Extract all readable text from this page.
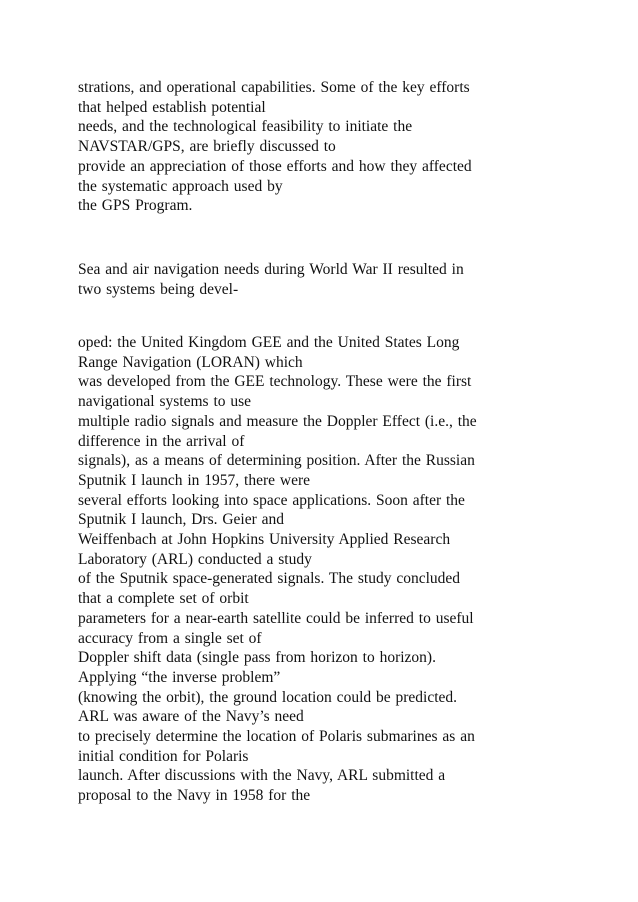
strations, and operational capabilities. Some of the key efforts
that helped establish potential
needs, and the technological feasibility to initiate the
NAVSTAR/GPS, are briefly discussed to
provide an appreciation of those efforts and how they affected
the systematic approach used by
the GPS Program.
Sea and air navigation needs during World War II resulted in
two systems being devel-
oped: the United Kingdom GEE and the United States Long
Range Navigation (LORAN) which
was developed from the GEE technology. These were the first
navigational systems to use
multiple radio signals and measure the Doppler Effect (i.e., the
difference in the arrival of
signals), as a means of determining position. After the Russian
Sputnik I launch in 1957, there were
several efforts looking into space applications. Soon after the
Sputnik I launch, Drs. Geier and
Weiffenbach at John Hopkins University Applied Research
Laboratory (ARL) conducted a study
of the Sputnik space-generated signals. The study concluded
that a complete set of orbit
parameters for a near-earth satellite could be inferred to useful
accuracy from a single set of
Doppler shift data (single pass from horizon to horizon).
Applying “the inverse problem”
(knowing the orbit), the ground location could be predicted.
ARL was aware of the Navy’s need
to precisely determine the location of Polaris submarines as an
initial condition for Polaris
launch. After discussions with the Navy, ARL submitted a
proposal to the Navy in 1958 for the
